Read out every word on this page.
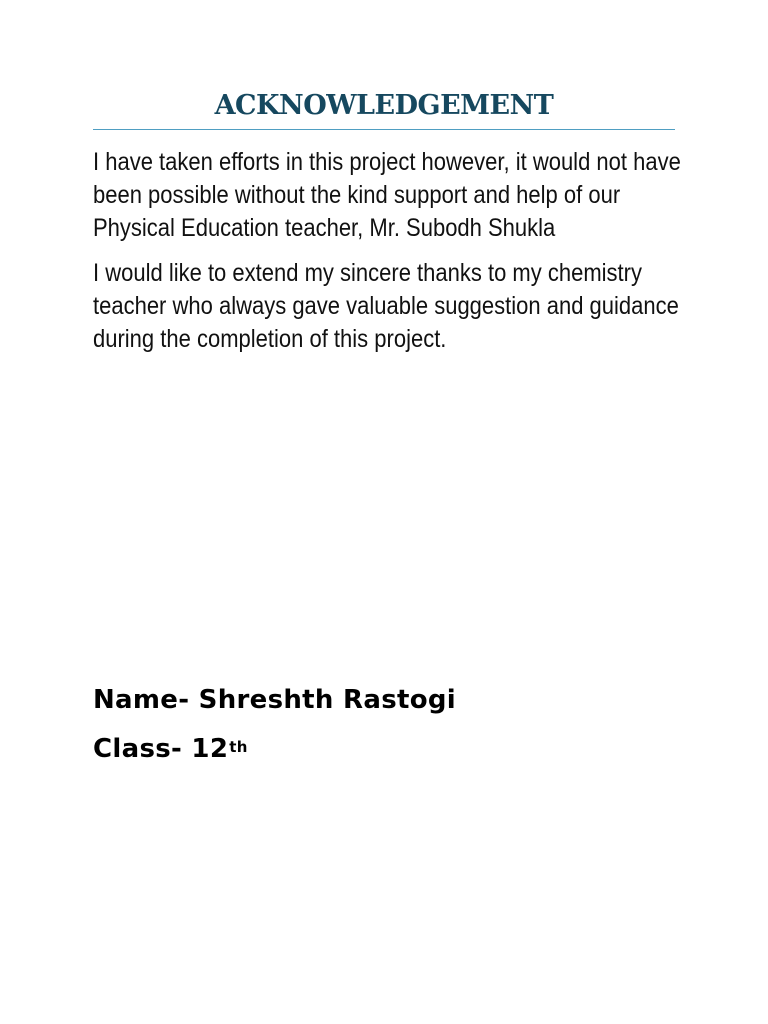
ACKNOWLEDGEMENT

I have taken efforts in this project however, it would not have been possible without the kind support and help of our Physical Education teacher, Mr. Subodh Shukla

I would like to extend my sincere thanks to my chemistry teacher who always gave valuable suggestion and guidance during the completion of this project.

Name- Shreshth Rastogi

Class- 12th
